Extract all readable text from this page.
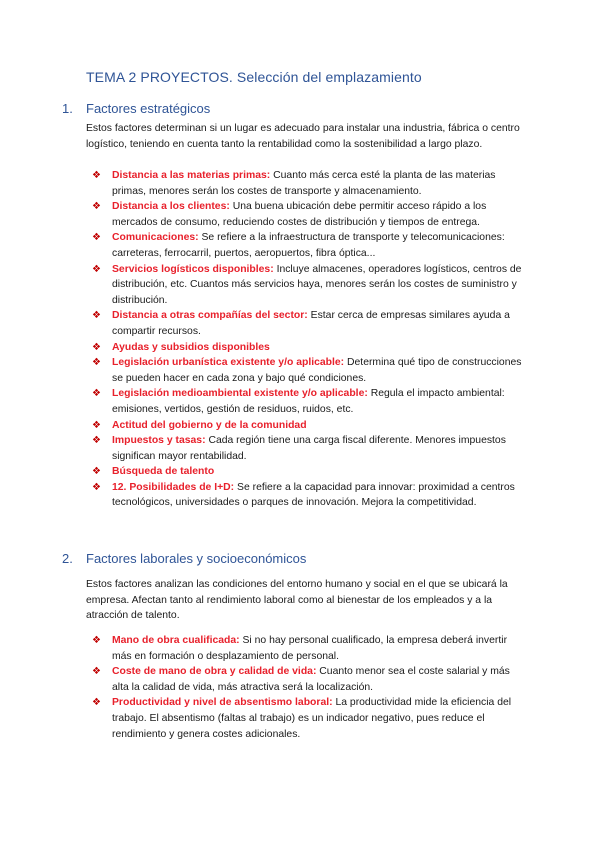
TEMA 2 PROYECTOS. Selección del emplazamiento
1. Factores estratégicos
Estos factores determinan si un lugar es adecuado para instalar una industria, fábrica o centro logístico, teniendo en cuenta tanto la rentabilidad como la sostenibilidad a largo plazo.
❖ Distancia a las materias primas: Cuanto más cerca esté la planta de las materias primas, menores serán los costes de transporte y almacenamiento.
❖ Distancia a los clientes: Una buena ubicación debe permitir acceso rápido a los mercados de consumo, reduciendo costes de distribución y tiempos de entrega.
❖ Comunicaciones: Se refiere a la infraestructura de transporte y telecomunicaciones: carreteras, ferrocarril, puertos, aeropuertos, fibra óptica...
❖ Servicios logísticos disponibles: Incluye almacenes, operadores logísticos, centros de distribución, etc. Cuantos más servicios haya, menores serán los costes de suministro y distribución.
❖ Distancia a otras compañías del sector: Estar cerca de empresas similares ayuda a compartir recursos.
❖ Ayudas y subsidios disponibles
❖ Legislación urbanística existente y/o aplicable: Determina qué tipo de construcciones se pueden hacer en cada zona y bajo qué condiciones.
❖ Legislación medioambiental existente y/o aplicable: Regula el impacto ambiental: emisiones, vertidos, gestión de residuos, ruidos, etc.
❖ Actitud del gobierno y de la comunidad
❖ Impuestos y tasas: Cada región tiene una carga fiscal diferente. Menores impuestos significan mayor rentabilidad.
❖ Búsqueda de talento
❖ 12. Posibilidades de I+D: Se refiere a la capacidad para innovar: proximidad a centros tecnológicos, universidades o parques de innovación. Mejora la competitividad.
2. Factores laborales y socioeconómicos
Estos factores analizan las condiciones del entorno humano y social en el que se ubicará la empresa. Afectan tanto al rendimiento laboral como al bienestar de los empleados y a la atracción de talento.
❖ Mano de obra cualificada: Si no hay personal cualificado, la empresa deberá invertir más en formación o desplazamiento de personal.
❖ Coste de mano de obra y calidad de vida: Cuanto menor sea el coste salarial y más alta la calidad de vida, más atractiva será la localización.
❖ Productividad y nivel de absentismo laboral: La productividad mide la eficiencia del trabajo. El absentismo (faltas al trabajo) es un indicador negativo, pues reduce el rendimiento y genera costes adicionales.
